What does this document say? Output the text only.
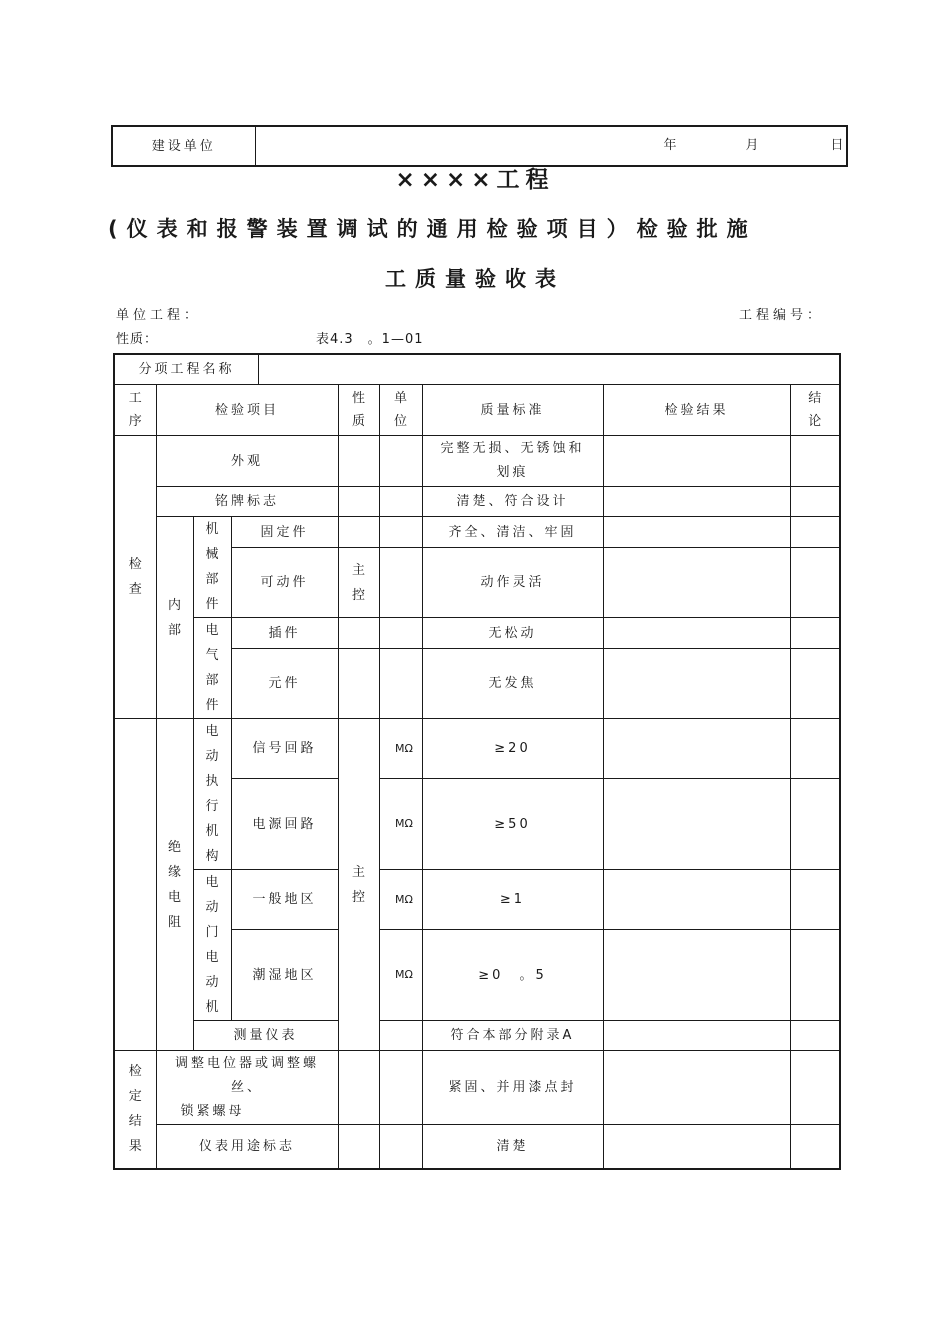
建设单位	年	月	日
××××工程
(仪表和报警装置调试的通用检验项目）检验批施
工质量验收表
单位工程：	工程编号：
性质：	表4.3　。1—01
分项工程名称								

工序	检验项目			性质	单位	质量标准	检验结果	结论

检查	外观					完整无损、无锈蚀和划痕		

	铭牌标志					清楚、符合设计		

	内部	机械部件	固定件			齐全、清洁、牢固		
			可动件	主控		动作灵活		

		电气部件	插件			无松动		
			元件			无发焦		

	绝缘电阻	电动执行机构	信号回路	主控	MΩ	≥20		
			电源回路		MΩ	≥50		

		电动门电动机	一般地区		MΩ	≥1		
			潮湿地区		MΩ	≥0　。5		
		测量仪表				符合本部分附录A		

检定结果	调整电位器或调整螺
丝、
锁紧螺母					紧固、并用漆点封		
	仪表用途标志					清楚		
